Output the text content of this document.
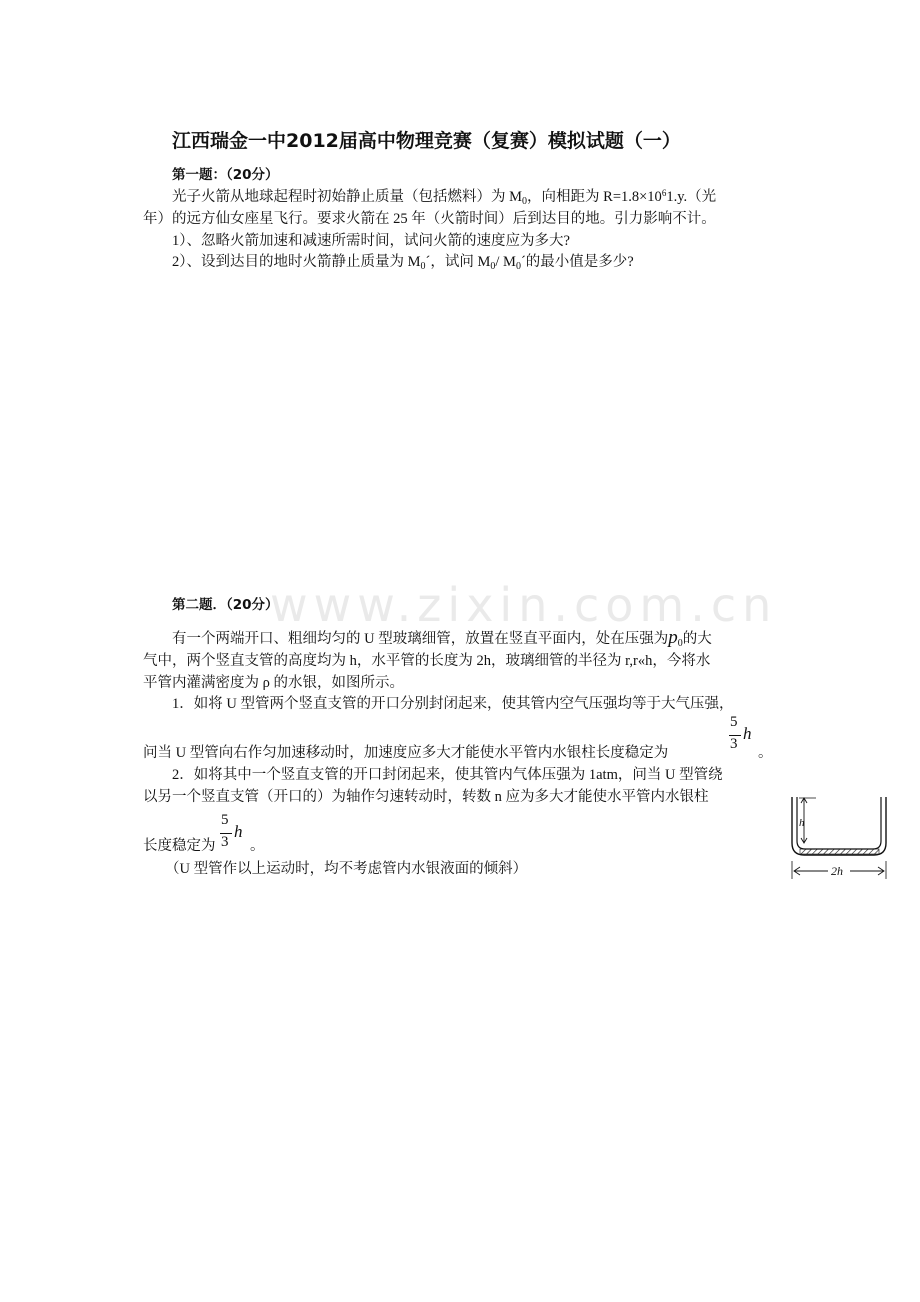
www.zixin.com.cn
江西瑞金一中2012届高中物理竞赛（复赛）模拟试题（一）
第一题：（20分）
光子火箭从地球起程时初始静止质量（包括燃料）为 $M_0$，向相距为 $R=1.8\times 10^61.y$.（光
年）的远方仙女座星飞行。要求火箭在 25 年（火箭时间）后到达目的地。引力影响不计。
1）、忽略火箭加速和减速所需时间，试问火箭的速度应为多大?
2）、设到达目的地时火箭静止质量为 $M_0´$，试问 $M_0/$ $M_0´$的最小值是多少?
第二题．（20分）
有一个两端开口、粗细均匀的 U 型玻璃细管，放置在竖直平面内，处在压强为$p_0$的大
气中，两个竖直支管的高度均为 h，水平管的长度为 2h，玻璃细管的半径为 r,r«h，今将水
平管内灌满密度为 ρ 的水银，如图所示。
1．如将 U 型管两个竖直支管的开口分别封闭起来，使其管内空气压强均等于大气压强，
5
3
h
问当 U 型管向右作匀加速移动时，加速度应多大才能使水平管内水银柱长度稳定为	。
2．如将其中一个竖直支管的开口封闭起来，使其管内气体压强为 1atm，问当 U 型管绕
以另一个竖直支管（开口的）为轴作匀速转动时，转数 n 应为多大才能使水平管内水银柱
5
3
h
长度稳定为 。
（U 型管作以上运动时，均不考虑管内水银液面的倾斜）
h
2h
